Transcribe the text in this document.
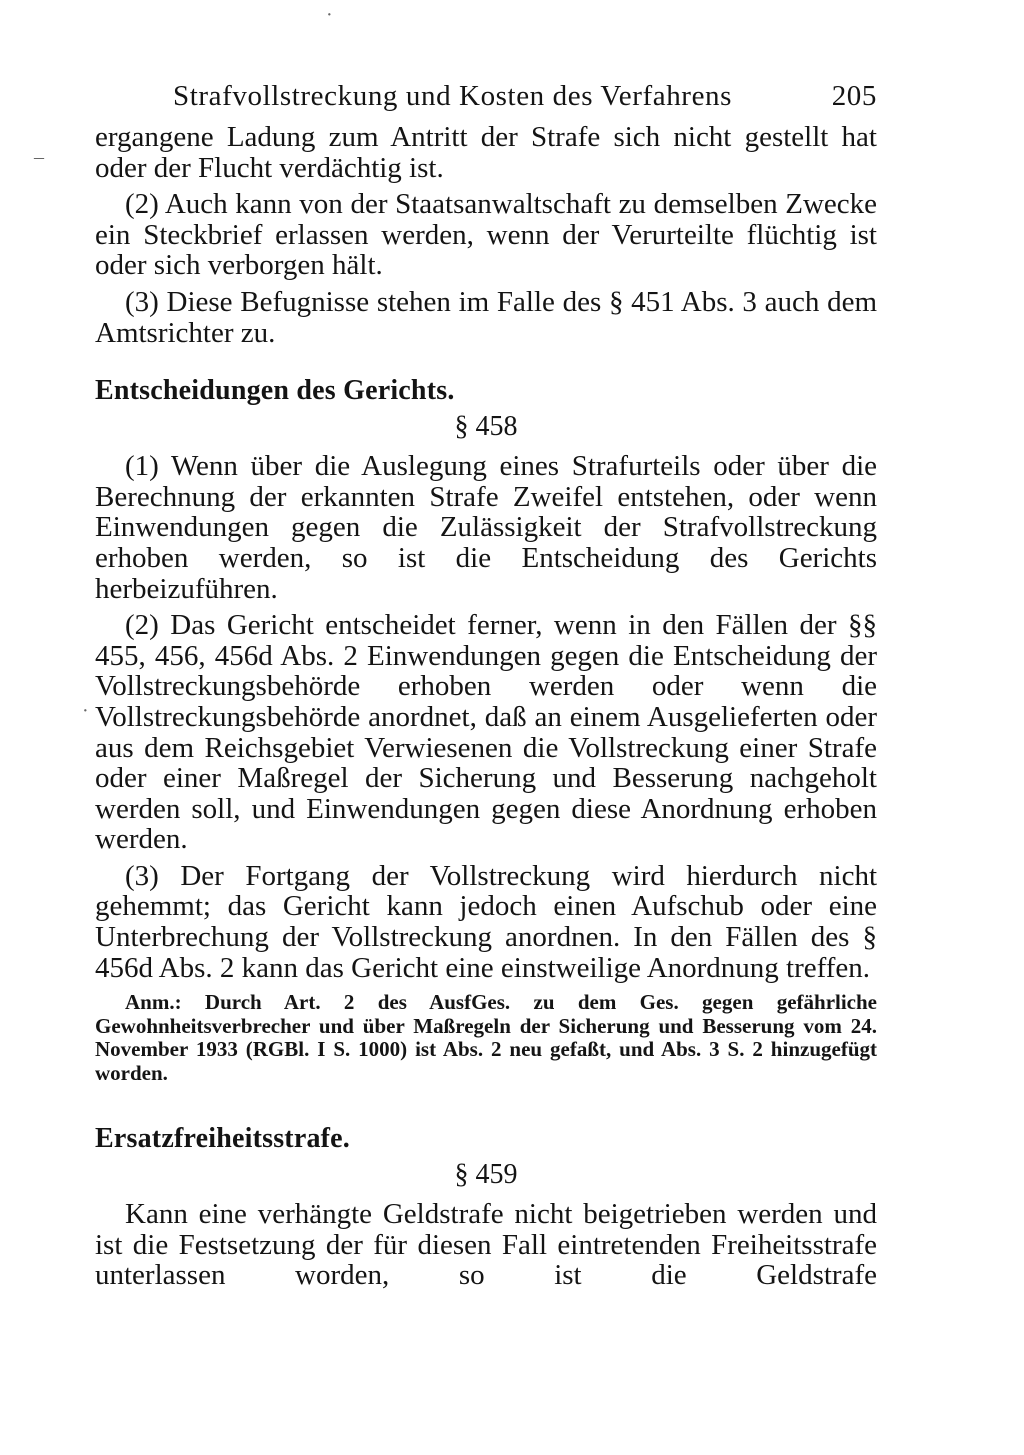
·
–
·
Strafvollstreckung und Kosten des Verfahrens	205

ergangene Ladung zum Antritt der Strafe sich nicht gestellt hat oder der Flucht verdächtig ist.

(2) Auch kann von der Staatsanwaltschaft zu demselben Zwecke ein Steckbrief erlassen werden, wenn der Verurteilte flüchtig ist oder sich verborgen hält.

(3) Diese Befugnisse stehen im Falle des § 451 Abs. 3 auch dem Amtsrichter zu.

Entscheidungen des Gerichts.
§ 458

(1) Wenn über die Auslegung eines Strafurteils oder über die Berechnung der erkannten Strafe Zweifel entstehen, oder wenn Einwendungen gegen die Zulässigkeit der Strafvollstreckung erhoben werden, so ist die Entscheidung des Gerichts herbeizuführen.

(2) Das Gericht entscheidet ferner, wenn in den Fällen der §§ 455, 456, 456d Abs. 2 Einwendungen gegen die Entscheidung der Vollstreckungsbehörde erhoben werden oder wenn die Vollstreckungsbehörde anordnet, daß an einem Ausgelieferten oder aus dem Reichsgebiet Verwiesenen die Vollstreckung einer Strafe oder einer Maßregel der Sicherung und Besserung nachgeholt werden soll, und Einwendungen gegen diese Anordnung erhoben werden.

(3) Der Fortgang der Vollstreckung wird hierdurch nicht gehemmt; das Gericht kann jedoch einen Aufschub oder eine Unterbrechung der Vollstreckung anordnen. In den Fällen des § 456d Abs. 2 kann das Gericht eine einstweilige Anordnung treffen.

Anm.: Durch Art. 2 des AusfGes. zu dem Ges. gegen gefährliche Gewohnheitsverbrecher und über Maßregeln der Sicherung und Besserung vom 24. November 1933 (RGBl. I S. 1000) ist Abs. 2 neu gefaßt, und Abs. 3 S. 2 hinzugefügt worden.
Ersatzfreiheitsstrafe.
§ 459

Kann eine verhängte Geldstrafe nicht beigetrieben werden und ist die Festsetzung der für diesen Fall eintretenden Freiheitsstrafe unterlassen worden, so ist die Geldstrafe
